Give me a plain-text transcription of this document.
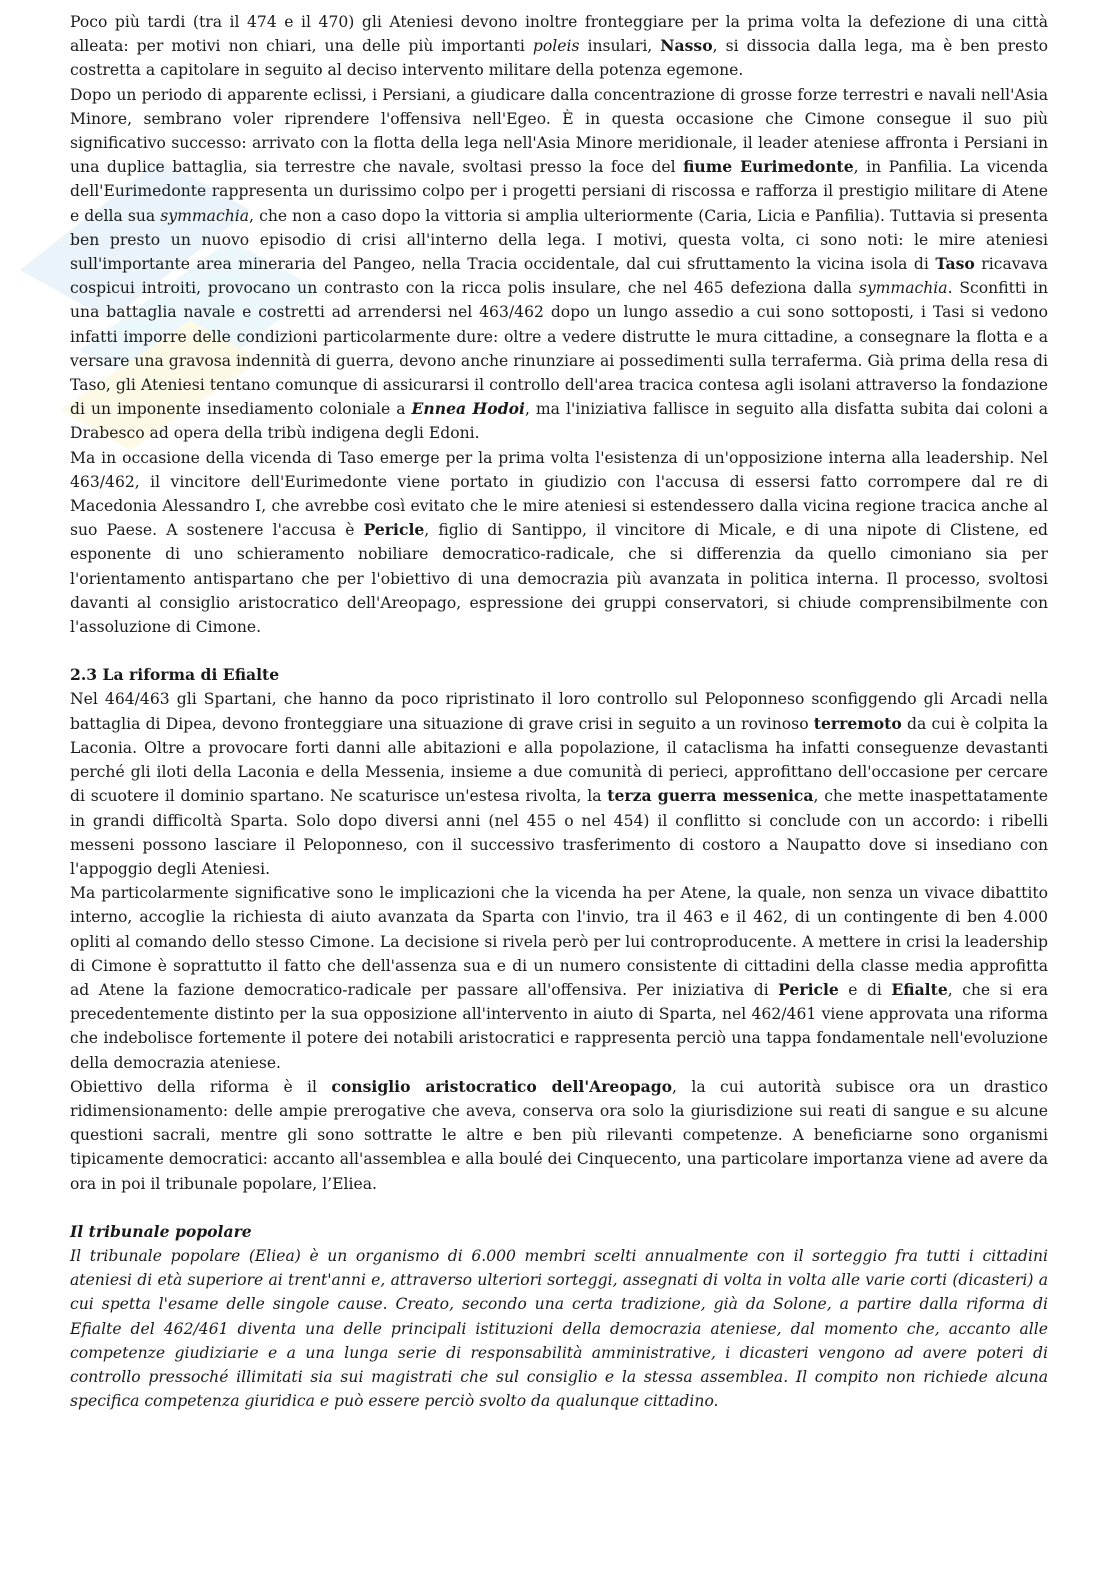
Poco più tardi (tra il 474 e il 470) gli Ateniesi devono inoltre fronteggiare per la prima volta la defezione di una città alleata: per motivi non chiari, una delle più importanti poleis insulari, Nasso, si dissocia dalla lega, ma è ben presto costretta a capitolare in seguito al deciso intervento militare della potenza egemone.

Dopo un periodo di apparente eclissi, i Persiani, a giudicare dalla concentrazione di grosse forze terrestri e navali nell'Asia Minore, sembrano voler riprendere l'offensiva nell'Egeo. È in questa occasione che Cimone consegue il suo più significativo successo: arrivato con la flotta della lega nell'Asia Minore meridionale, il leader ateniese affronta i Persiani in una duplice battaglia, sia terrestre che navale, svoltasi presso la foce del fiume Eurimedonte, in Panfilia. La vicenda dell'Eurimedonte rappresenta un durissimo colpo per i progetti persiani di riscossa e rafforza il prestigio militare di Atene e della sua symmachia, che non a caso dopo la vittoria si amplia ulteriormente (Caria, Licia e Panfilia). Tuttavia si presenta ben presto un nuovo episodio di crisi all'interno della lega. I motivi, questa volta, ci sono noti: le mire ateniesi sull'importante area mineraria del Pangeo, nella Tracia occidentale, dal cui sfruttamento la vicina isola di Taso ricavava cospicui introiti, provocano un contrasto con la ricca polis insulare, che nel 465 defeziona dalla symmachia. Sconfitti in una battaglia navale e costretti ad arrendersi nel 463/462 dopo un lungo assedio a cui sono sottoposti, i Tasi si vedono infatti imporre delle condizioni particolarmente dure: oltre a vedere distrutte le mura cittadine, a consegnare la flotta e a versare una gravosa indennità di guerra, devono anche rinunziare ai possedimenti sulla terraferma. Già prima della resa di Taso, gli Ateniesi tentano comunque di assicurarsi il controllo dell'area tracica contesa agli isolani attraverso la fondazione di un imponente insediamento coloniale a Ennea Hodoi, ma l'iniziativa fallisce in seguito alla disfatta subita dai coloni a Drabesco ad opera della tribù indigena degli Edoni.

Ma in occasione della vicenda di Taso emerge per la prima volta l'esistenza di un'opposizione interna alla leadership. Nel 463/462, il vincitore dell'Eurimedonte viene portato in giudizio con l'accusa di essersi fatto corrompere dal re di Macedonia Alessandro I, che avrebbe così evitato che le mire ateniesi si estendessero dalla vicina regione tracica anche al suo Paese. A sostenere l'accusa è Pericle, figlio di Santippo, il vincitore di Micale, e di una nipote di Clistene, ed esponente di uno schieramento nobiliare democratico-radicale, che si differenzia da quello cimoniano sia per l'orientamento antispartano che per l'obiettivo di una democrazia più avanzata in politica interna. Il processo, svoltosi davanti al consiglio aristocratico dell'Areopago, espressione dei gruppi conservatori, si chiude comprensibilmente con l'assoluzione di Cimone.

2.3 La riforma di Efialte

Nel 464/463 gli Spartani, che hanno da poco ripristinato il loro controllo sul Peloponneso sconfiggendo gli Arcadi nella battaglia di Dipea, devono fronteggiare una situazione di grave crisi in seguito a un rovinoso terremoto da cui è colpita la Laconia. Oltre a provocare forti danni alle abitazioni e alla popolazione, il cataclisma ha infatti conseguenze devastanti perché gli iloti della Laconia e della Messenia, insieme a due comunità di perieci, approfittano dell'occasione per cercare di scuotere il dominio spartano. Ne scaturisce un'estesa rivolta, la terza guerra messenica, che mette inaspettatamente in grandi difficoltà Sparta. Solo dopo diversi anni (nel 455 o nel 454) il conflitto si conclude con un accordo: i ribelli messeni possono lasciare il Peloponneso, con il successivo trasferimento di costoro a Naupatto dove si insediano con l'appoggio degli Ateniesi.

Ma particolarmente significative sono le implicazioni che la vicenda ha per Atene, la quale, non senza un vivace dibattito interno, accoglie la richiesta di aiuto avanzata da Sparta con l'invio, tra il 463 e il 462, di un contingente di ben 4.000 opliti al comando dello stesso Cimone. La decisione si rivela però per lui controproducente. A mettere in crisi la leadership di Cimone è soprattutto il fatto che dell'assenza sua e di un numero consistente di cittadini della classe media approfitta ad Atene la fazione democratico-radicale per passare all'offensiva. Per iniziativa di Pericle e di Efialte, che si era precedentemente distinto per la sua opposizione all'intervento in aiuto di Sparta, nel 462/461 viene approvata una riforma che indebolisce fortemente il potere dei notabili aristocratici e rappresenta perciò una tappa fondamentale nell'evoluzione della democrazia ateniese.

Obiettivo della riforma è il consiglio aristocratico dell'Areopago, la cui autorità subisce ora un drastico ridimensionamento: delle ampie prerogative che aveva, conserva ora solo la giurisdizione sui reati di sangue e su alcune questioni sacrali, mentre gli sono sottratte le altre e ben più rilevanti competenze. A beneficiarne sono organismi tipicamente democratici: accanto all'assemblea e alla boulé dei Cinquecento, una particolare importanza viene ad avere da ora in poi il tribunale popolare, l’Eliea.

Il tribunale popolare

Il tribunale popolare (Eliea) è un organismo di 6.000 membri scelti annualmente con il sorteggio fra tutti i cittadini ateniesi di età superiore ai trent'anni e, attraverso ulteriori sorteggi, assegnati di volta in volta alle varie corti (dicasteri) a cui spetta l'esame delle singole cause. Creato, secondo una certa tradizione, già da Solone, a partire dalla riforma di Efialte del 462/461 diventa una delle principali istituzioni della democrazia ateniese, dal momento che, accanto alle competenze giudiziarie e a una lunga serie di responsabilità amministrative, i dicasteri vengono ad avere poteri di controllo pressoché illimitati sia sui magistrati che sul consiglio e la stessa assemblea. Il compito non richiede alcuna specifica competenza giuridica e può essere perciò svolto da qualunque cittadino.
